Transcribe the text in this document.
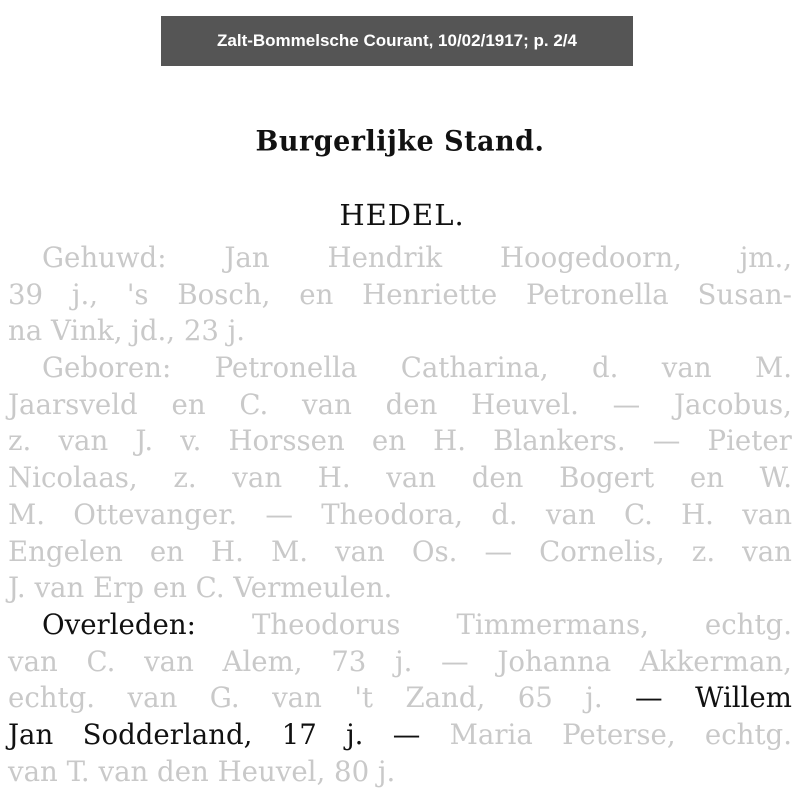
Zalt-Bommelsche Courant, 10/02/1917; p. 2/4
Burgerlijke Stand.
HEDEL.
Gehuwd: Jan Hendrik Hoogedoorn, jm.,
39 j., 's Bosch, en Henriette Petronella Susan-
na Vink, jd., 23 j.
Geboren: Petronella Catharina, d. van M.
Jaarsveld en C. van den Heuvel. — Jacobus,
z. van J. v. Horssen en H. Blankers. — Pieter
Nicolaas, z. van H. van den Bogert en W.
M. Ottevanger. — Theodora, d. van C. H. van
Engelen en H. M. van Os. — Cornelis, z. van
J. van Erp en C. Vermeulen.
Overleden: Theodorus Timmermans, echtg.
van C. van Alem, 73 j. — Johanna Akkerman,
echtg. van G. van 't Zand, 65 j. — Willem
Jan Sodderland, 17 j. — Maria Peterse, echtg.
van T. van den Heuvel, 80 j.
